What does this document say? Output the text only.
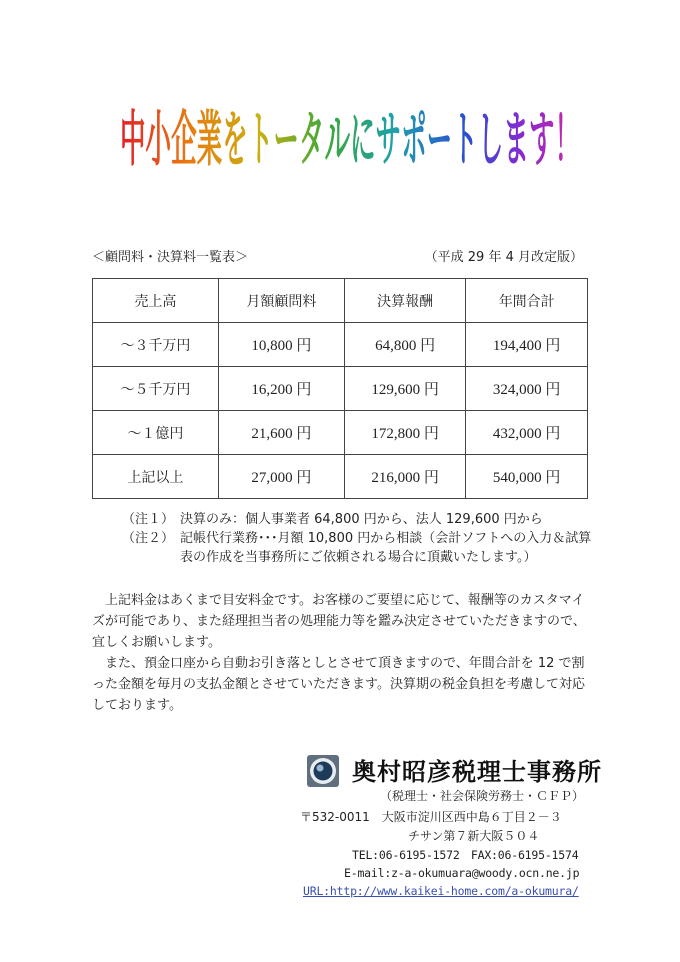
中小企業をトータルにサポートします！
＜顧問料・決算料一覧表＞	（平成 29 年 4 月改定版）
売上高	月額顧問料	決算報酬	年間合計
～３千万円	10,800 円	64,800 円	194,400 円
～５千万円	16,200 円	129,600 円	324,000 円
～１億円	21,600 円	172,800 円	432,000 円
上記以上	27,000 円	216,000 円	540,000 円
（注１） 決算のみ：個人事業者 64,800 円から、法人 129,600 円から
（注２） 記帳代行業務･･･月額 10,800 円から相談（会計ソフトへの入力＆試算表の作成を当事務所にご依頼される場合に頂戴いたします。）

上記料金はあくまで目安料金です。お客様のご要望に応じて、報酬等のカスタマイズが可能であり、また経理担当者の処理能力等を鑑み決定させていただきますので、宜しくお願いします。

また、預金口座から自動お引き落としとさせて頂きますので、年間合計を 12 で割った金額を毎月の支払金額とさせていただきます。決算期の税金負担を考慮して対応しております。

奥村昭彦税理士事務所
（税理士・社会保険労務士・ＣＦＰ）
〒532-0011 大阪市淀川区西中島６丁目２－３
チサン第７新大阪５０４
TEL:06-6195-1572　FAX:06-6195-1574
E-mail:z-a-okumuara@woody.ocn.ne.jp
URL:http://www.kaikei-home.com/a-okumura/
